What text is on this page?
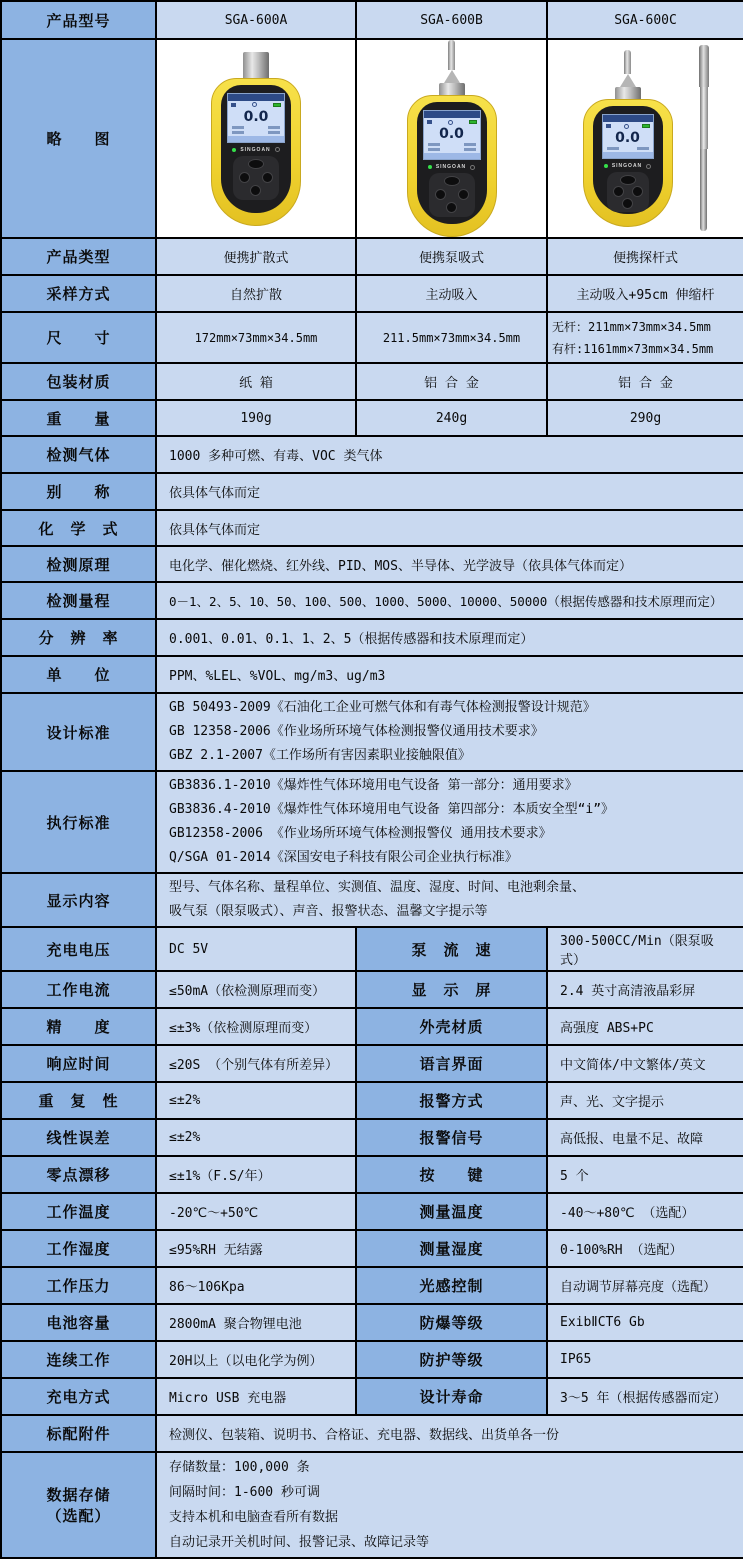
产品型号	SGA-600A	SGA-600B	SGA-600C
略　　图	
0.0
SINGOAN

0.0
SINGOAN

0.0
SINGOAN

产品类型	便携扩散式	便携泵吸式	便携探杆式
采样方式	自然扩散	主动吸入	主动吸入+95cm 伸缩杆
尺　　寸	172mm×73mm×34.5mm	211.5mm×73mm×34.5mm	无杆：211mm×73mm×34.5mm
有杆:1161mm×73mm×34.5mm

包装材质	纸 箱	铝 合 金	铝 合 金
重　　量	190g	240g	290g
检测气体	1000 多种可燃、有毒、VOC 类气体		
别　　称	依具体气体而定		
化　学　式	依具体气体而定		
检测原理	电化学、催化燃烧、红外线、PID、MOS、半导体、光学波导（依具体气体而定）		
检测量程	0－1、2、5、10、50、100、500、1000、5000、10000、50000（根据传感器和技术原理而定）		
分　辨　率	0.001、0.01、0.1、1、2、5（根据传感器和技术原理而定）		
单　　位	PPM、%LEL、%VOL、mg/m3、ug/m3		
设计标准	GB 50493-2009《石油化工企业可燃气体和有毒气体检测报警设计规范》
GB 12358-2006《作业场所环境气体检测报警仪通用技术要求》
GBZ 2.1-2007《工作场所有害因素职业接触限值》		

执行标准	GB3836.1-2010《爆炸性气体环境用电气设备 第一部分：通用要求》
GB3836.4-2010《爆炸性气体环境用电气设备 第四部分：本质安全型“i”》
GB12358-2006 《作业场所环境气体检测报警仪 通用技术要求》
Q/SGA 01-2014《深国安电子科技有限公司企业执行标准》		

显示内容	型号、气体名称、量程单位、实测值、温度、湿度、时间、电池剩余量、
吸气泵（限泵吸式）、声音、报警状态、温馨文字提示等		

充电电压	DC 5V	泵　流　速	300-500CC/Min（限泵吸式）
工作电流	≤50mA（依检测原理而变）	显　示　屏	2.4 英寸高清液晶彩屏
精　　度	≤±3%（依检测原理而变）	外壳材质	高强度 ABS+PC
响应时间	≤20S （个别气体有所差异）	语言界面	中文简体/中文繁体/英文
重　复　性	≤±2%	报警方式	声、光、文字提示
线性误差	≤±2%	报警信号	高低报、电量不足、故障
零点漂移	≤±1%（F.S/年）	按　　键	5 个
工作温度	-20℃～+50℃	测量温度	-40～+80℃ （选配）
工作湿度	≤95%RH 无结露	测量湿度	0-100%RH （选配）
工作压力	86～106Kpa	光感控制	自动调节屏幕亮度（选配）
电池容量	2800mA 聚合物锂电池	防爆等级	ExibⅡCT6 Gb
连续工作	20H以上（以电化学为例）	防护等级	IP65
充电方式	Micro USB 充电器	设计寿命	3～5 年（根据传感器而定）
标配附件	检测仪、包装箱、说明书、合格证、充电器、数据线、出货单各一份		

数据存储
（选配）

存储数量：100,000 条
间隔时间：1-600 秒可调
支持本机和电脑查看所有数据
自动记录开关机时间、报警记录、故障记录等
